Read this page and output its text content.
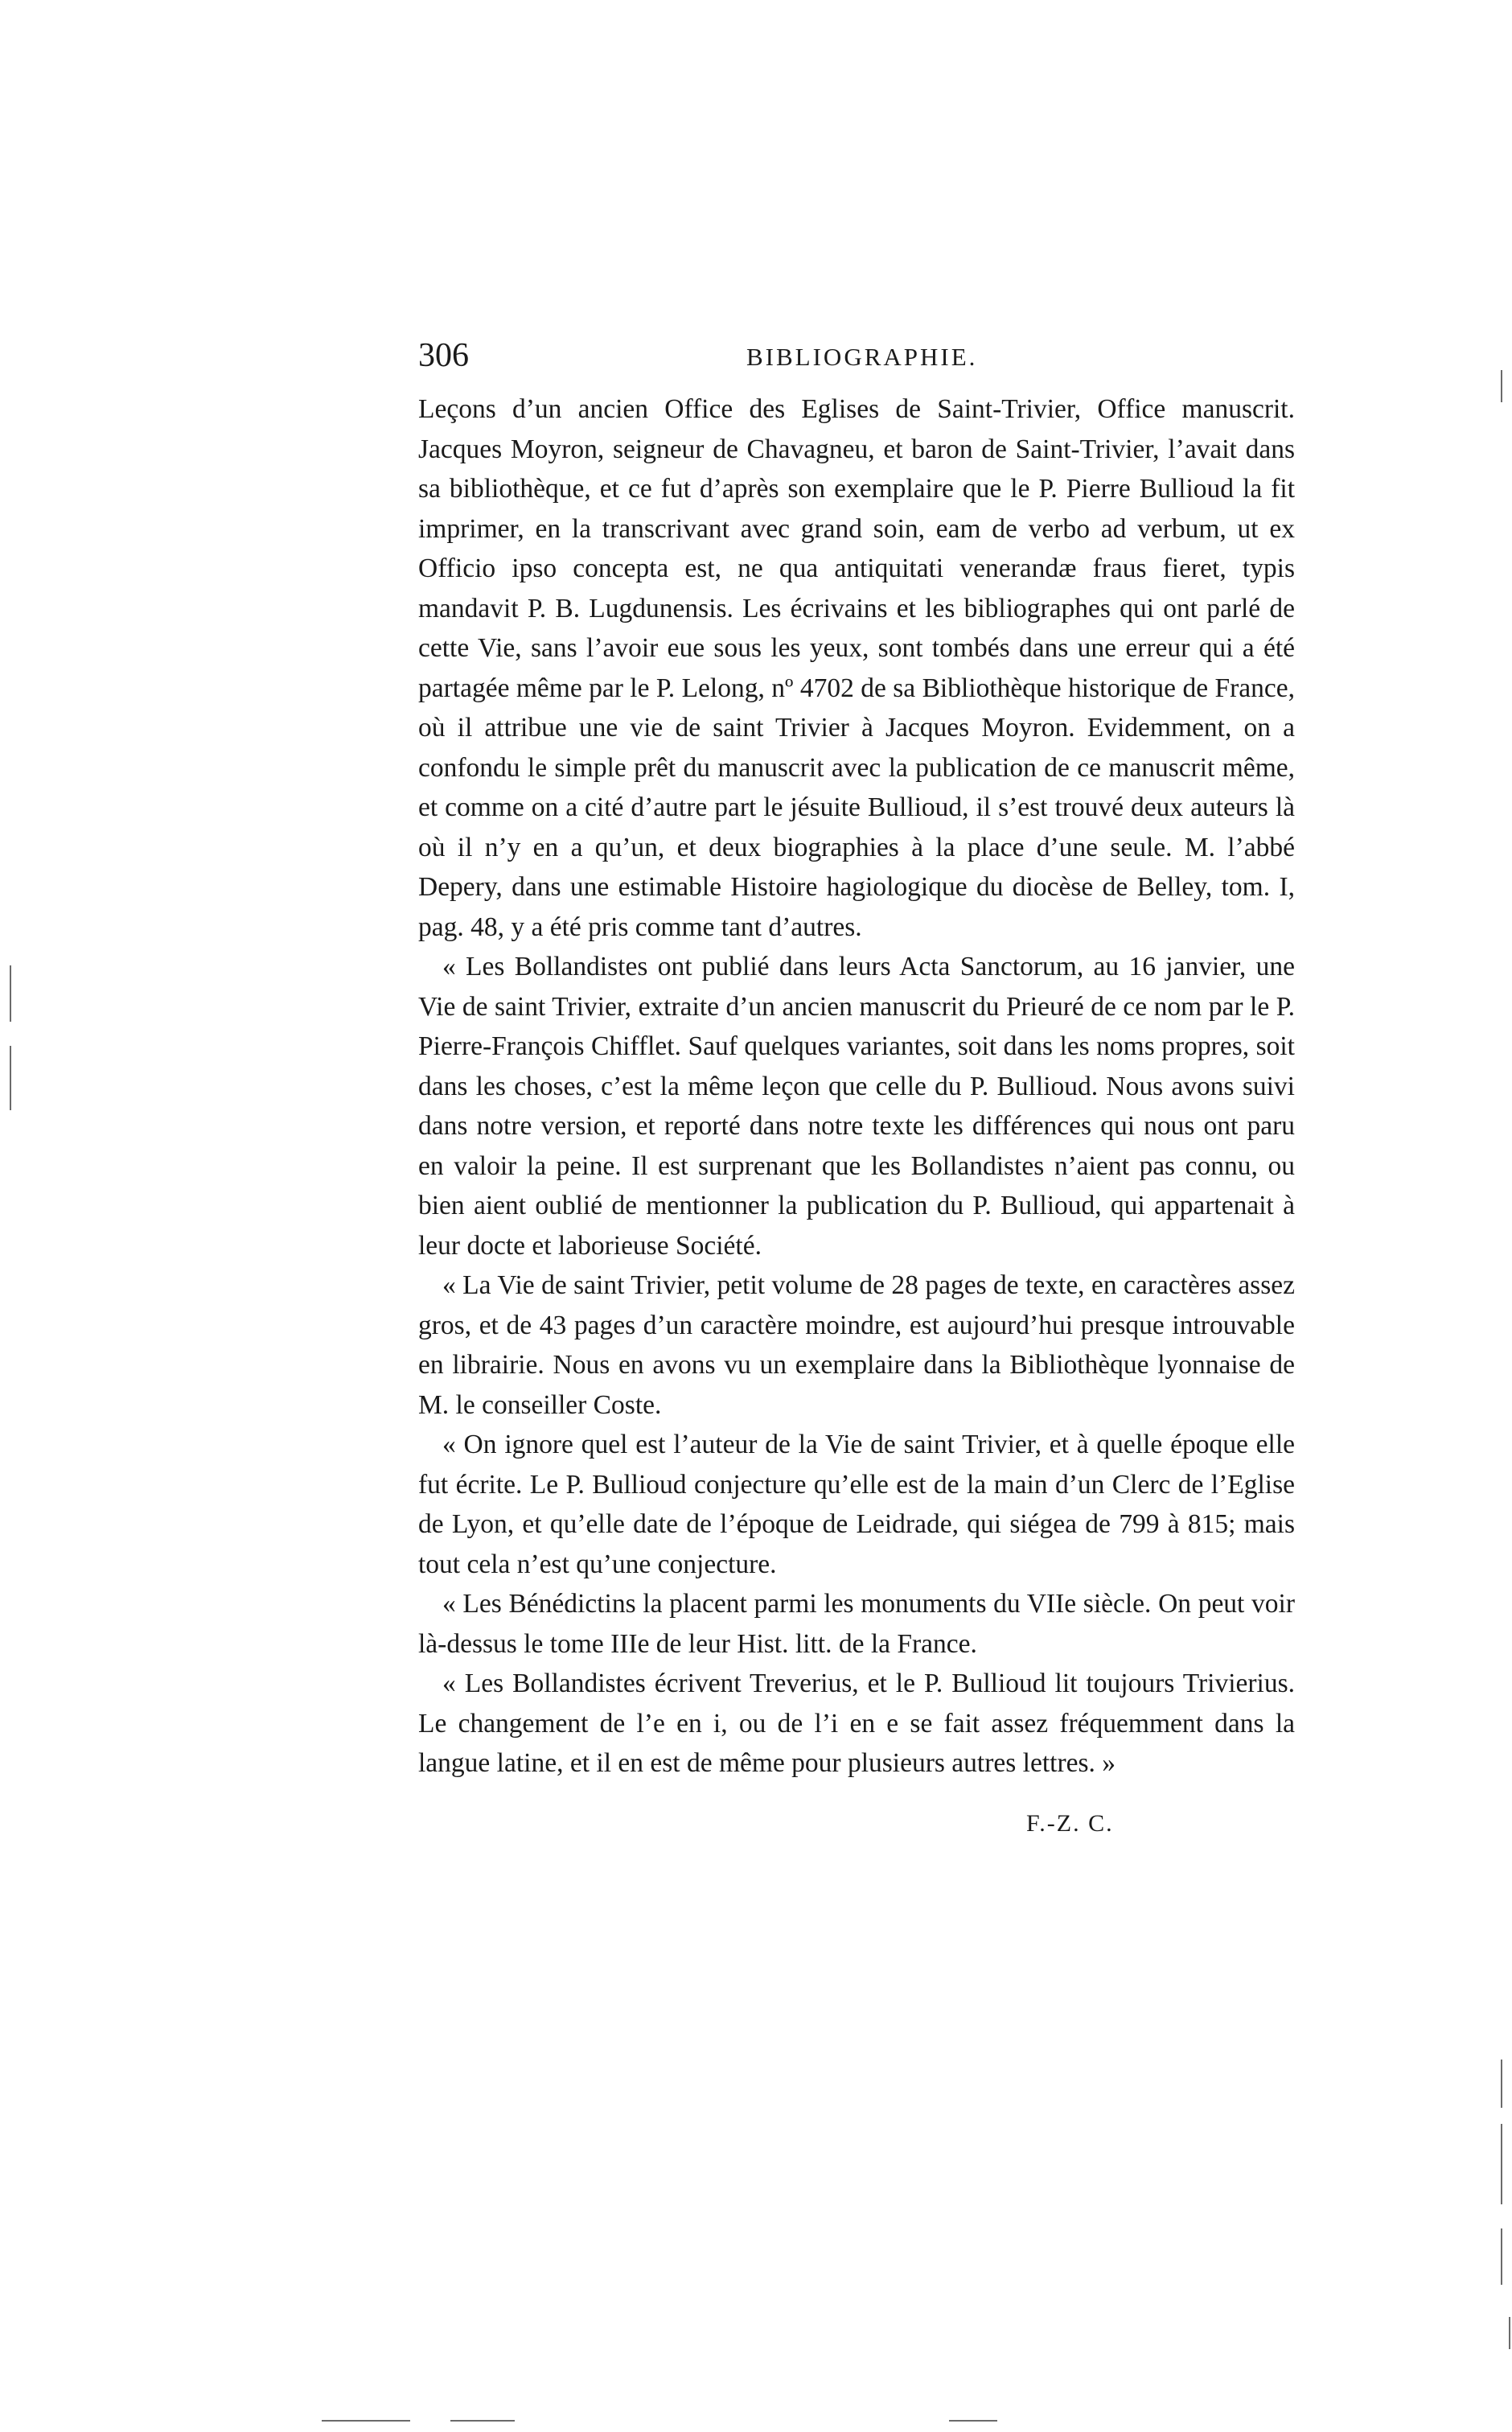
306	BIBLIOGRAPHIE.

Leçons d’un ancien Office des Eglises de Saint-Trivier, Office manuscrit. Jacques Moyron, seigneur de Chavagneu, et baron de Saint-Trivier, l’avait dans sa bibliothèque, et ce fut d’après son exemplaire que le P. Pierre Bullioud la fit imprimer, en la transcrivant avec grand soin, eam de verbo ad verbum, ut ex Officio ipso concepta est, ne qua antiquitati venerandæ fraus fieret, typis mandavit P. B. Lugdunensis. Les écrivains et les bibliographes qui ont parlé de cette Vie, sans l’avoir eue sous les yeux, sont tombés dans une erreur qui a été partagée même par le P. Lelong, nº 4702 de sa Bibliothèque historique de France, où il attribue une vie de saint Trivier à Jacques Moyron. Evidemment, on a confondu le simple prêt du manuscrit avec la publication de ce manuscrit même, et comme on a cité d’autre part le jésuite Bullioud, il s’est trouvé deux auteurs là où il n’y en a qu’un, et deux biographies à la place d’une seule. M. l’abbé Depery, dans une estimable Histoire hagiologique du diocèse de Belley, tom. I, pag. 48, y a été pris comme tant d’autres.

« Les Bollandistes ont publié dans leurs Acta Sanctorum, au 16 janvier, une Vie de saint Trivier, extraite d’un ancien manuscrit du Prieuré de ce nom par le P. Pierre-François Chifflet. Sauf quelques variantes, soit dans les noms propres, soit dans les choses, c’est la même leçon que celle du P. Bullioud. Nous avons suivi dans notre version, et reporté dans notre texte les différences qui nous ont paru en valoir la peine. Il est surprenant que les Bollandistes n’aient pas connu, ou bien aient oublié de mentionner la publication du P. Bullioud, qui appartenait à leur docte et laborieuse Société.

« La Vie de saint Trivier, petit volume de 28 pages de texte, en caractères assez gros, et de 43 pages d’un caractère moindre, est aujourd’hui presque introuvable en librairie. Nous en avons vu un exemplaire dans la Bibliothèque lyonnaise de M. le conseiller Coste.

« On ignore quel est l’auteur de la Vie de saint Trivier, et à quelle époque elle fut écrite. Le P. Bullioud conjecture qu’elle est de la main d’un Clerc de l’Eglise de Lyon, et qu’elle date de l’époque de Leidrade, qui siégea de 799 à 815; mais tout cela n’est qu’une conjecture.

« Les Bénédictins la placent parmi les monuments du VIIe siècle. On peut voir là-dessus le tome IIIe de leur Hist. litt. de la France.

« Les Bollandistes écrivent Treverius, et le P. Bullioud lit toujours Trivierius. Le changement de l’e en i, ou de l’i en e se fait assez fréquemment dans la langue latine, et il en est de même pour plusieurs autres lettres. »

F.-Z. C.
